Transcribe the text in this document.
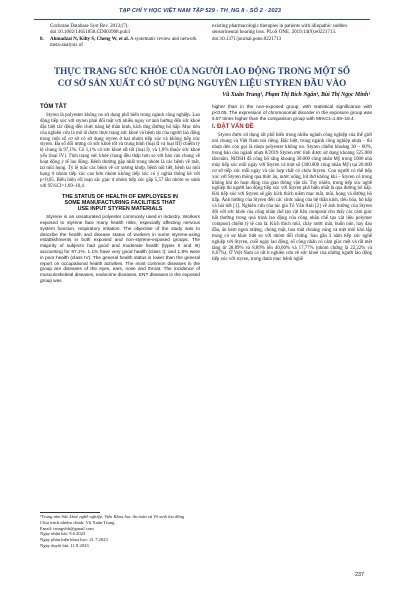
TẠP CHÍ Y HỌC VIỆT NAM TẬP 529 - TH_NG 8 - SỐ 2 - 2023
Cochrane Database Syst Rev. 2013;(7). doi:10.1002/14651858.CD003998.pub3
8.	Ahmadzai N, Kilty S, Cheng W, et al. A systematic review and network meta-analysis of
existing pharmacologic therapies in patients with idiopathic sudden sensorineural hearing loss. PLoS ONE. 2019;14(9):e0221713. doi:10.1371/journal.pone.0221713
THỰC TRẠNG SỨC KHỎE CỦA NGƯỜI LAO ĐỘNG TRONG MỘT SỐ
CƠ SỞ SẢN XUẤT CÓ SỬ DỤNG NGUYÊN LIỆU STYREN ĐẦU VÀO
Vũ Xuân Trung¹, Phạm Thị Bích Ngân¹, Bùi Thị Ngọc Minh¹
TÓM TẮT

Styren là polyester không no sử dụng phổ biến trong ngành công nghiệp. Lao động tiếp xúc với styren phải đối mặt với nhiều nguy cơ ảnh hưởng đến sức khoẻ đặc biệt tác động đến chức năng hệ thần kinh, kích ứng đường hô hấp. Mục tiêu của nghiên cứu là mô tả được thực trạng sức khoẻ và bệnh tật của người lao động trong một số cơ sở có sử dụng styren ở hai nhóm tiếp xúc và không tiếp xúc styren. Đa số đối tượng có sức khoẻ tốt và trung bình (loại II và loại III) chiếm tỷ lệ chung là 97,1%. Có 1,1% có sức khoẻ rất tốt (loại I); và 1,8% thuộc sức khoẻ yếu (loại IV). Tình trạng sức khỏe chung đều thấp hơn so với báo cáo chung về hoạt động y tế lao động. Bệnh thường gặp nhất trong nhóm là các bệnh về mắt, tai mũi họng. Tỷ lệ mắc các bệnh về cơ xương khớp, bệnh nội tiết, bệnh tai mũi họng ở nhóm tiếp xúc cao hơn nhóm không tiếp xúc có ý nghĩa thống kê với p<0,05. Biểu hiện rối loạn sắc giác ở nhóm tiếp xúc gấp 5,57 lần nhóm so sánh với 95%CI=1,69–18,4.

THE STATUS OF HEALTH OF EMPLOYEES IN
SOME MANUFACTURING FACILITIES THAT
USE INPUT STYREN MATERIALS

Styrene is an unsaturated polyester commonly used in industry. Workers exposed to styrene face many health risks, especially affecting nervous system function, respiratory irritation. The objective of the study was to describe the health and disease status of workers in some styrene-using establishments in both exposed and non-styrene-exposed groups. The majority of subjects had good and moderate health (types II and III) accounting for 97.1%. 1.1% have very good health (class I); and 1.8% were in poor health (class IV). The general health status is lower than the general report on occupational health activities. The most common diseases in the group are diseases of the eyes, ears, nose and throat. The incidence of musculoskeletal diseases, endocrine diseases, ENT diseases in the exposed group was

higher than in the non-exposed group, with statistical significance with p<0.05. The expression of chromosomal disorder in the exposure group was 5.57 times higher than the comparison group with 95%CI=1.69–18.4.

I. ĐẶT VẤN ĐỀ

Styren được sử dụng rất phổ biến trong nhiều ngành công nghiệp của thế giới nói chung và Việt Nam nói riêng. Đặc biệt, trong ngành công nghiệp nhựa – thì nhựa dẻo còn gọi là nhựa polyester không no. Styren chiếm khoảng 30 – 60%, trong bảo cáo ngành nhựa 8/2019 Styren ước tính được sử dụng khoảng 525.000 tấn/năm. NIOSH đã công bố rằng khoảng 30.000 công nhân Mỹ trong 1000 nhà máy tiếp xúc mỗi ngày với Styren và một số (300.000 công nhân Mỹ) tại 20.000 cơ sở tiếp xúc mỗi ngày và các hợp chất có chứa Styren. Con người có thể tiếp xúc với Styren thông qua thức ăn, nước uống, hít thở không khí – Styren có trong không khí do hoạt động của giao thông vận tải. Tuy nhiên, trong tiếp xúc nghề nghiệp thì người lao động tiếp xúc với Styren phổ biến nhất là qua đường hô hấp. Khi tiếp xúc với Styren sẽ gây kích thích niêm mạc mắt, mũi, họng và đường hô hấp. Ảnh hưởng của Styren đến các chức năng của hệ thần kinh, tiêu hóa, hô hấp và bài tiết [1]. Nghiên cứu của tác giả Tô Văn Anh [2] về ảnh hưởng của Styren đối với sức khỏe của công nhân chế tạo vật liệu composit cho thấy các cảm giác bất thường trong quá trình lao động của công nhân chế tạo vật liệu polymer composit chiếm tỷ lệ cao là: Kích thích mũi, chảy nước mắt, buồn nôn, hay đau đầu, ăn kém ngon miệng, chóng mặt, hoa mắt choáng váng và mệt mỏi khó tập trung có sự khác biệt so với nhóm đối chứng. Sau gần 3 năm tiếp xúc nghề nghiệp với Styren, cuối ngày lao động, số công nhân có cảm giác mệt và rất mệt tăng từ 28,89% và 8,89% lên 40,00% và 17,77% (nhóm chứng là 22,22% và 6,67%). Ở Việt Nam có rất ít nghiên cứu về sức khoẻ của những người lao động tiếp xúc với styren, trong danh mục bệnh nghề

¹Trung tâm Sức khoẻ nghề nghiệp, Viện Khoa học An toàn và Vệ sinh lao động
Chịu trách nhiệm chính: Vũ Xuân Trung
Email: trungvbh@gmail.com
Ngày nhận bài: 9.6.2023
Ngày phản biện khoa học: 21.7.2023
Ngày duyệt bài: 11.8.2023
237
